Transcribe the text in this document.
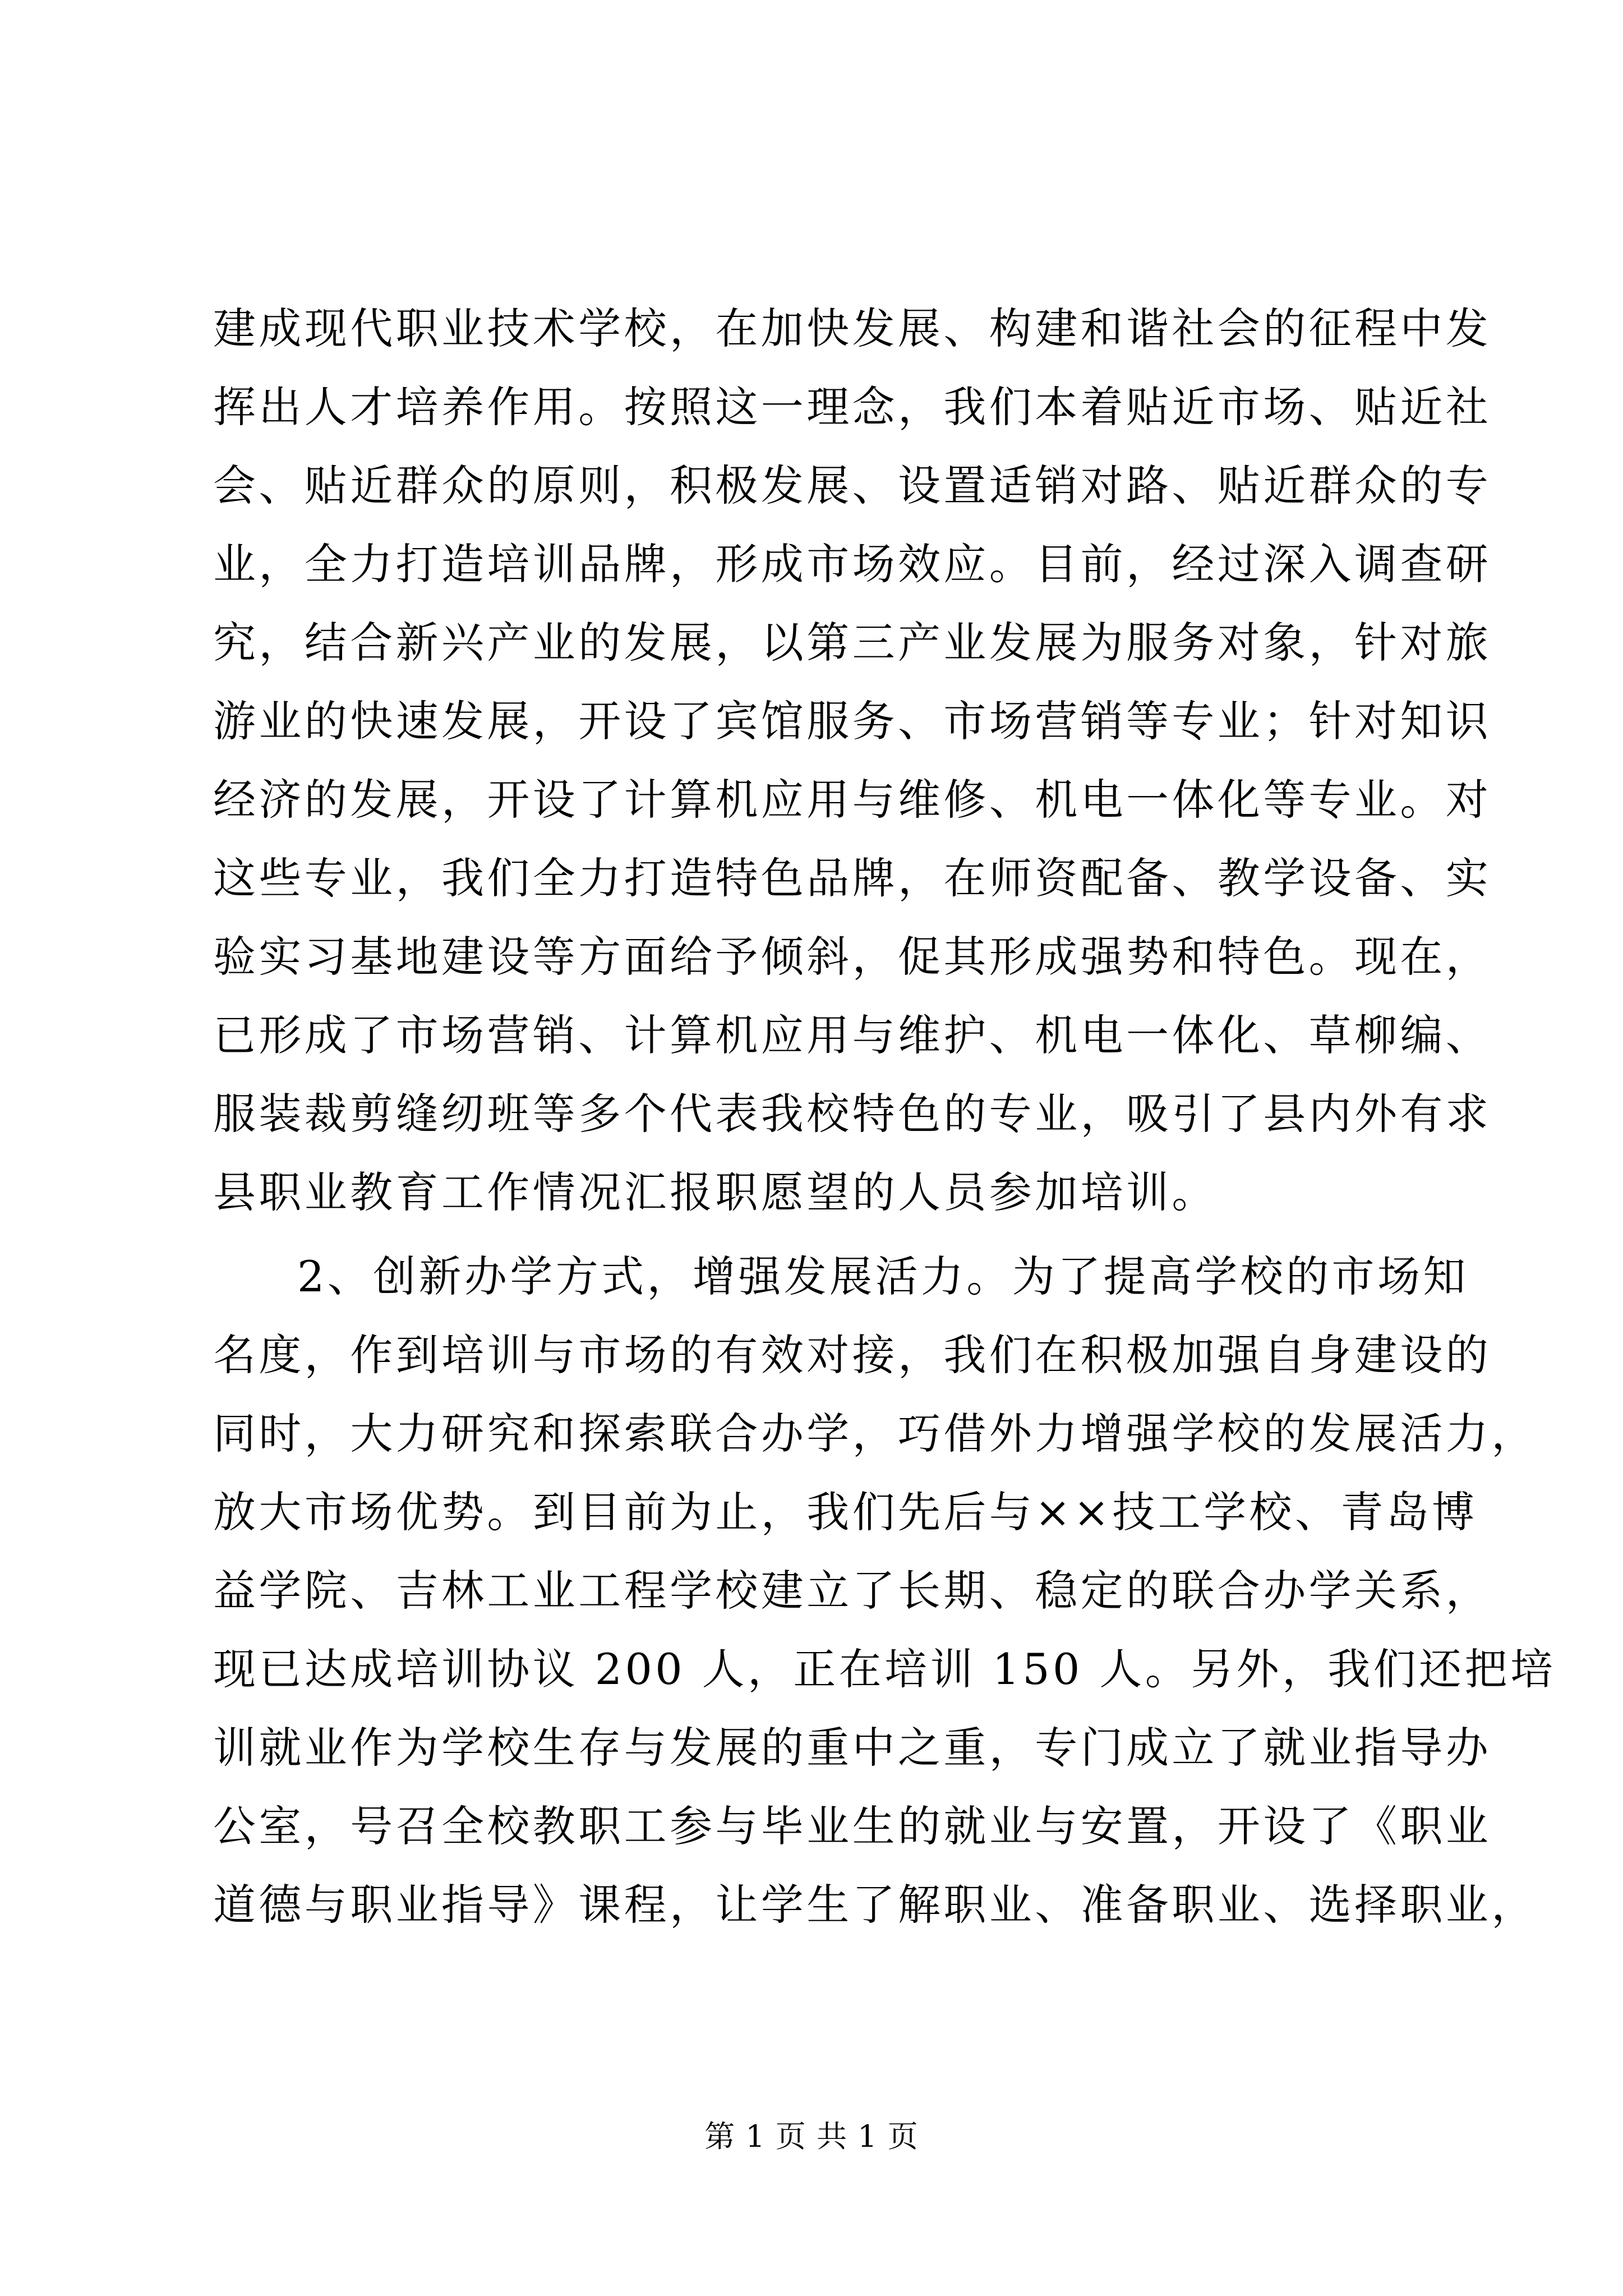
建成现代职业技术学校，在加快发展、构建和谐社会的征程中发
挥出人才培养作用。按照这一理念，我们本着贴近市场、贴近社
会、贴近群众的原则，积极发展、设置适销对路、贴近群众的专
业，全力打造培训品牌，形成市场效应。目前，经过深入调查研
究，结合新兴产业的发展，以第三产业发展为服务对象，针对旅
游业的快速发展，开设了宾馆服务、市场营销等专业；针对知识
经济的发展，开设了计算机应用与维修、机电一体化等专业。对
这些专业，我们全力打造特色品牌，在师资配备、教学设备、实
验实习基地建设等方面给予倾斜，促其形成强势和特色。现在，
已形成了市场营销、计算机应用与维护、机电一体化、草柳编、
服装裁剪缝纫班等多个代表我校特色的专业，吸引了县内外有求
县职业教育工作情况汇报职愿望的人员参加培训。
2、创新办学方式，增强发展活力。为了提高学校的市场知
名度，作到培训与市场的有效对接，我们在积极加强自身建设的
同时，大力研究和探索联合办学，巧借外力增强学校的发展活力，
放大市场优势。到目前为止，我们先后与××技工学校、青岛博
益学院、吉林工业工程学校建立了长期、稳定的联合办学关系，
现已达成培训协议 200 人，正在培训 150 人。另外，我们还把培
训就业作为学校生存与发展的重中之重，专门成立了就业指导办
公室，号召全校教职工参与毕业生的就业与安置，开设了《职业
道德与职业指导》课程，让学生了解职业、准备职业、选择职业，
第 1 页 共 1 页
